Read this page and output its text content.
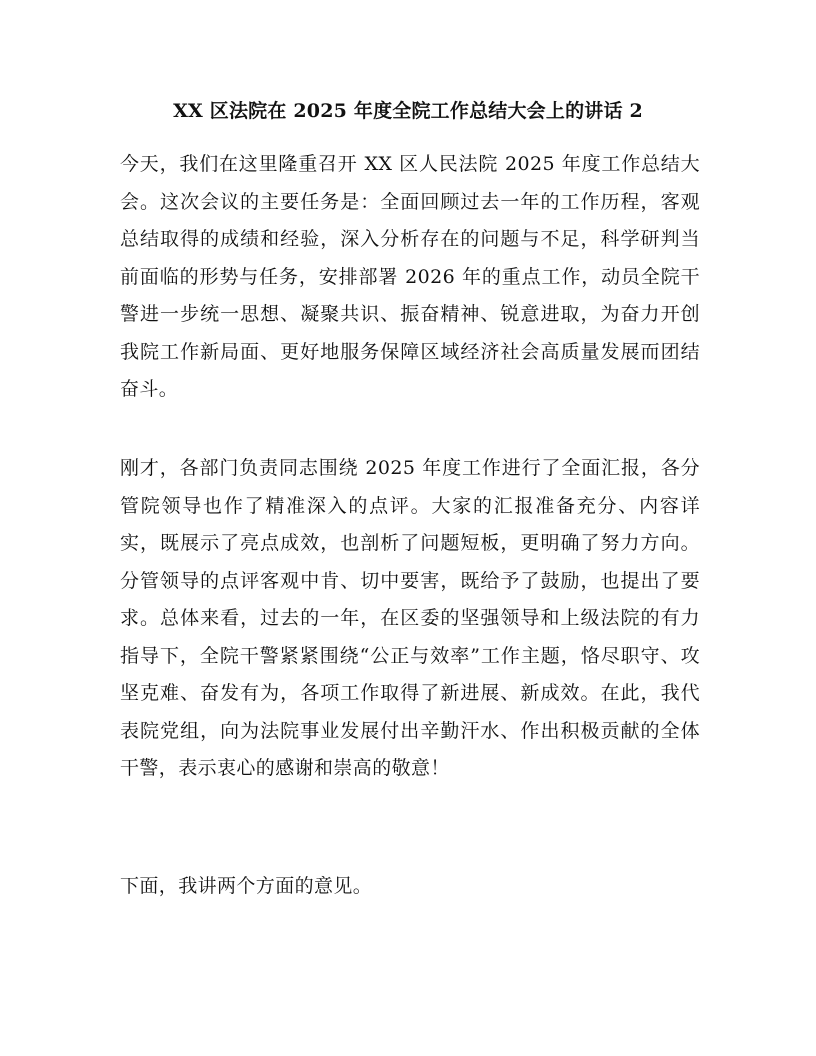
XX 区法院在 2025 年度全院工作总结大会上的讲话 2

今天，我们在这里隆重召开 XX 区人民法院 2025 年度工作总结大会。这次会议的主要任务是：全面回顾过去一年的工作历程，客观总结取得的成绩和经验，深入分析存在的问题与不足，科学研判当前面临的形势与任务，安排部署 2026 年的重点工作，动员全院干警进一步统一思想、凝聚共识、振奋精神、锐意进取，为奋力开创我院工作新局面、更好地服务保障区域经济社会高质量发展而团结奋斗。

刚才，各部门负责同志围绕 2025 年度工作进行了全面汇报，各分管院领导也作了精准深入的点评。大家的汇报准备充分、内容详实，既展示了亮点成效，也剖析了问题短板，更明确了努力方向。分管领导的点评客观中肯、切中要害，既给予了鼓励，也提出了要求。总体来看，过去的一年，在区委的坚强领导和上级法院的有力指导下，全院干警紧紧围绕“公正与效率”工作主题，恪尽职守、攻坚克难、奋发有为，各项工作取得了新进展、新成效。在此，我代表院党组，向为法院事业发展付出辛勤汗水、作出积极贡献的全体干警，表示衷心的感谢和崇高的敬意！

下面，我讲两个方面的意见。
